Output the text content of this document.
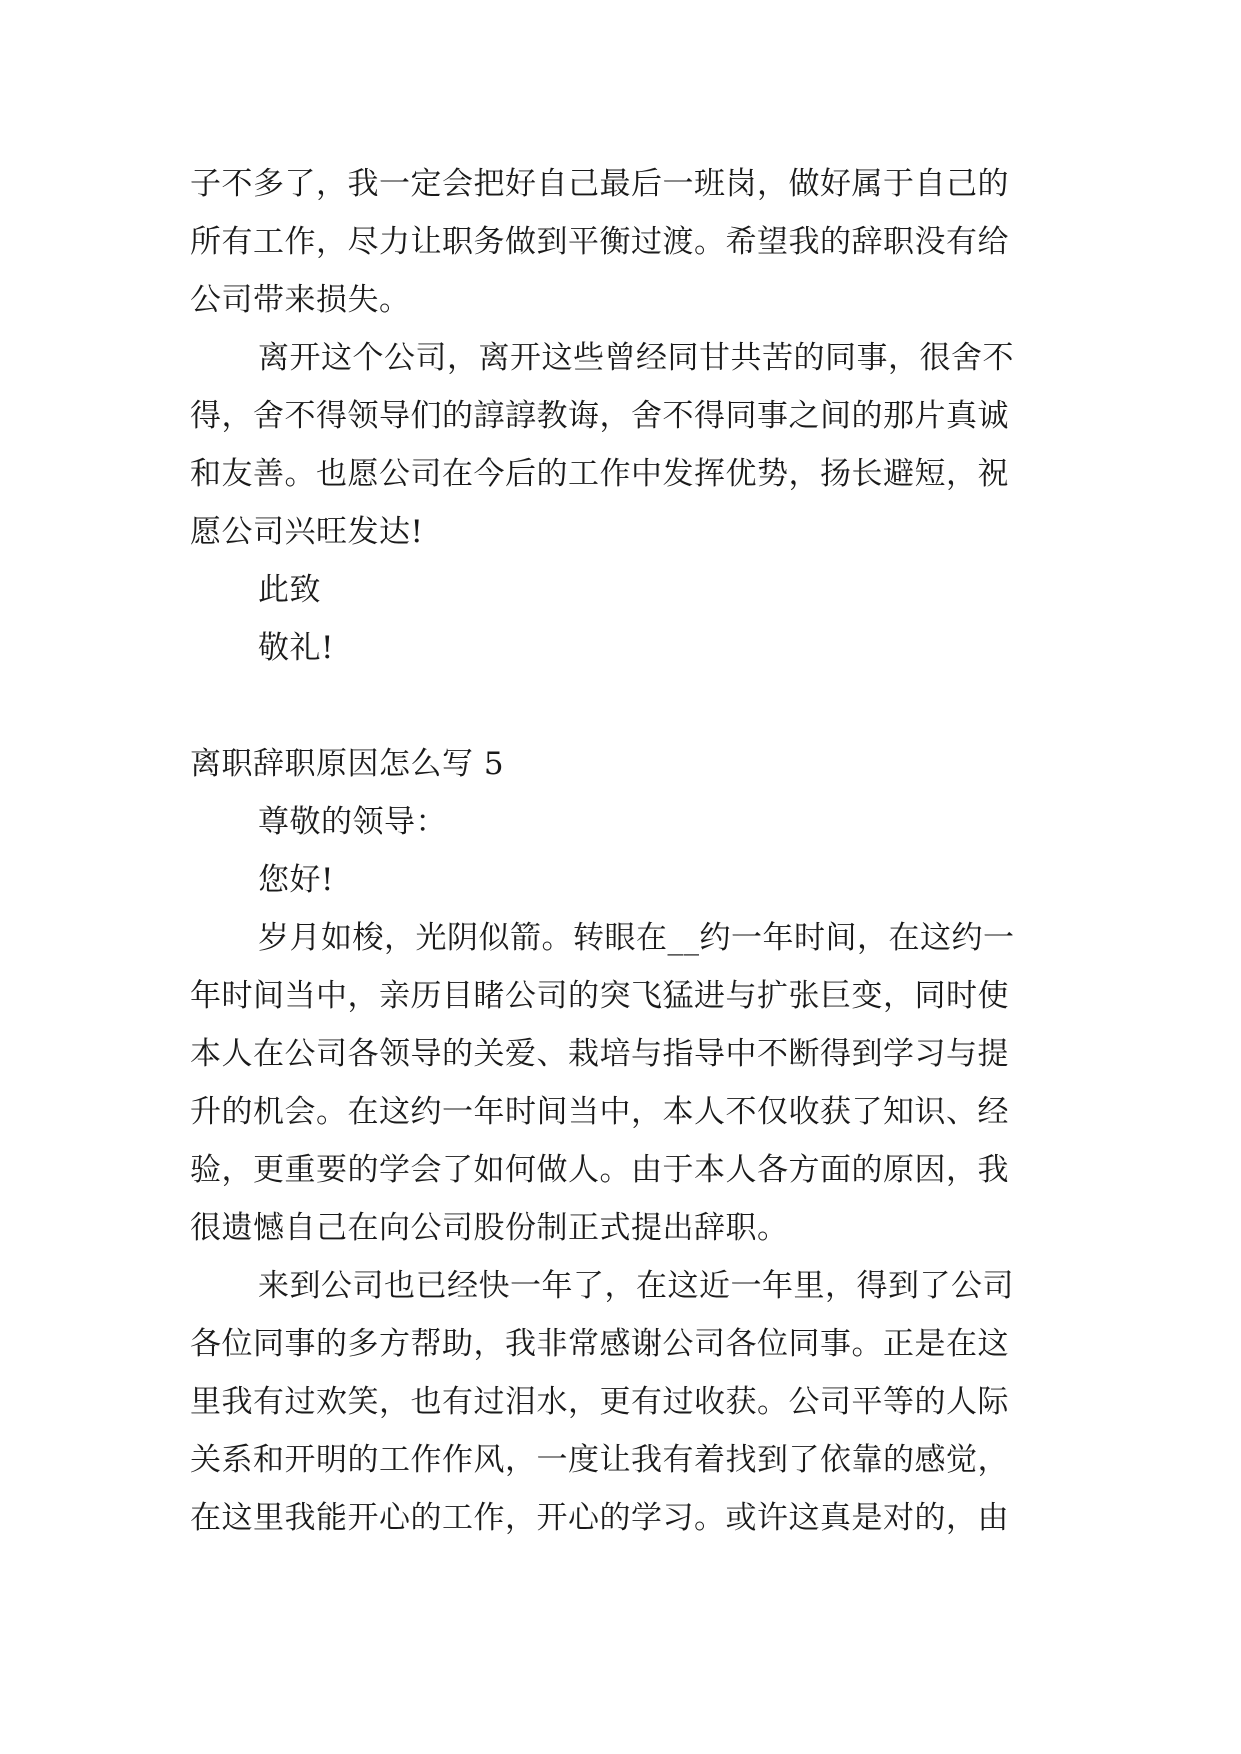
子不多了，我一定会把好自己最后一班岗，做好属于自己的
所有工作，尽力让职务做到平衡过渡。希望我的辞职没有给
公司带来损失。
离开这个公司，离开这些曾经同甘共苦的同事，很舍不
得，舍不得领导们的諄諄教诲，舍不得同事之间的那片真诚
和友善。也愿公司在今后的工作中发挥优势，扬长避短，祝
愿公司兴旺发达!
此致
敬礼!
离职辞职原因怎么写 5
尊敬的领导：
您好!
岁月如梭，光阴似箭。转眼在__约一年时间，在这约一
年时间当中，亲历目睹公司的突飞猛进与扩张巨变，同时使
本人在公司各领导的关爱、栽培与指导中不断得到学习与提
升的机会。在这约一年时间当中，本人不仅收获了知识、经
验，更重要的学会了如何做人。由于本人各方面的原因，我
很遗憾自己在向公司股份制正式提出辞职。
来到公司也已经快一年了，在这近一年里，得到了公司
各位同事的多方帮助，我非常感谢公司各位同事。正是在这
里我有过欢笑，也有过泪水，更有过收获。公司平等的人际
关系和开明的工作作风，一度让我有着找到了依靠的感觉，
在这里我能开心的工作，开心的学习。或许这真是对的，由
